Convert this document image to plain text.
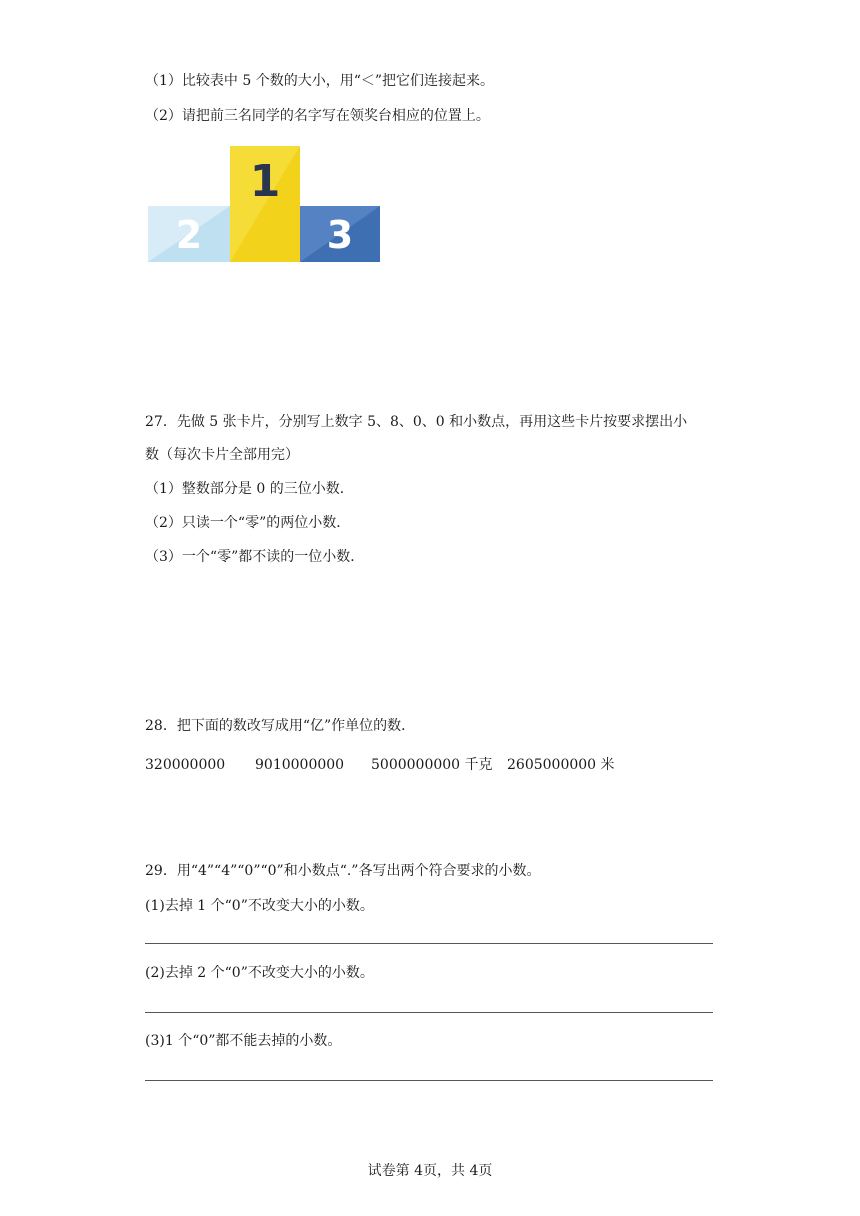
（1）比较表中 5 个数的大小，用“＜”把它们连接起来。
（2）请把前三名同学的名字写在领奖台相应的位置上。
2
1
3
27．先做 5 张卡片，分别写上数字 5、8、0、0 和小数点，再用这些卡片按要求摆出小
数（每次卡片全部用完）
（1）整数部分是 0 的三位小数．
（2）只读一个“零”的两位小数．
（3）一个“零”都不读的一位小数．
28．把下面的数改写成用“亿”作单位的数．
320000000 9010000000 5000000000 千克 2605000000 米
29．用“4”“4”“0”“0”和小数点“.”各写出两个符合要求的小数。
(1)去掉 1 个“0”不改变大小的小数。
(2)去掉 2 个“0”不改变大小的小数。
(3)1 个“0”都不能去掉的小数。
试卷第 4页，共 4页
